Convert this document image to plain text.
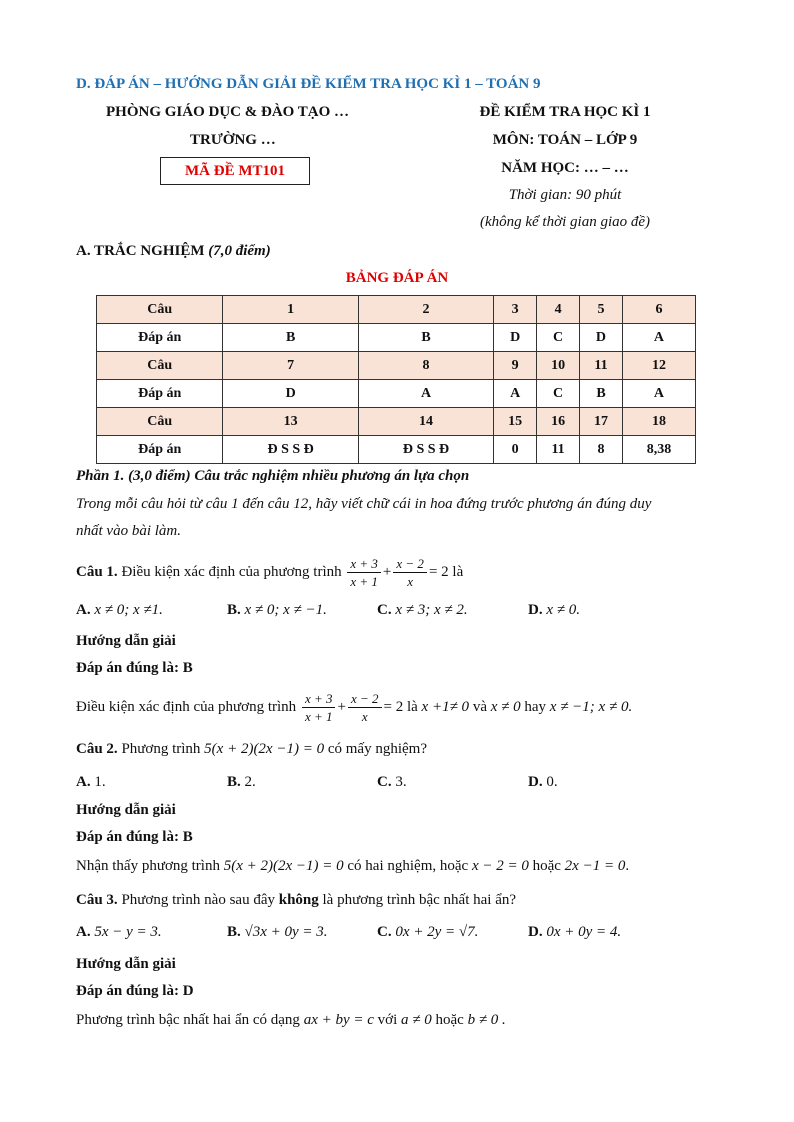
D. ĐÁP ÁN – HƯỚNG DẪN GIẢI ĐỀ KIỂM TRA HỌC KÌ 1 – TOÁN 9
PHÒNG GIÁO DỤC & ĐÀO TẠO …
TRƯỜNG …
MÃ ĐỀ MT101
ĐỀ KIỂM TRA HỌC KÌ 1
MÔN: TOÁN – LỚP 9
NĂM HỌC: … – …
Thời gian: 90 phút
(không kể thời gian giao đề)
A. TRẮC NGHIỆM (7,0 điểm)
BẢNG ĐÁP ÁN
Câu	1	2	3	4	5	6
Đáp án	B	B	D	C	D	A
Câu	7	8	9	10	11	12
Đáp án	D	A	A	C	B	A
Câu	13	14	15	16	17	18
Đáp án	Đ S S Đ	Đ S S Đ	0	11	8	8,38
Phần 1. (3,0 điểm) Câu trắc nghiệm nhiều phương án lựa chọn
Trong mỗi câu hỏi từ câu 1 đến câu 12, hãy viết chữ cái in hoa đứng trước phương án đúng duy
nhất vào bài làm.
Câu 1.
Điều kiện xác định của phương trình
$\frac{x + 3}{x + 1} + \frac{x - 2}{x} = 2$
là
A. x ≠ 0; x ≠1.	B. x ≠ 0; x ≠ −1.	C. x ≠ 3; x ≠ 2.	D. x ≠ 0.
Hướng dẫn giải
Đáp án đúng là: B
Điều kiện xác định của phương trình
$\frac{x + 3}{x + 1} + \frac{x - 2}{x} = 2$
là
x +1≠ 0
và
x ≠ 0
hay
x ≠ −1; x ≠ 0.
Câu 2. Phương trình 5(x + 2)(2x −1) = 0 có mấy nghiệm?
A. 1.	B. 2.	C. 3.	D. 0.
Hướng dẫn giải
Đáp án đúng là: B
Nhận thấy phương trình 5(x + 2)(2x −1) = 0 có hai nghiệm, hoặc x − 2 = 0 hoặc 2x −1 = 0.
Câu 3. Phương trình nào sau đây không là phương trình bậc nhất hai ẩn?
A. 5x − y = 3.	B. √3x + 0y = 3.	C. 0x + 2y = √7.	D. 0x + 0y = 4.
Hướng dẫn giải
Đáp án đúng là: D
Phương trình bậc nhất hai ẩn có dạng ax + by = c với a ≠ 0 hoặc b ≠ 0 .
